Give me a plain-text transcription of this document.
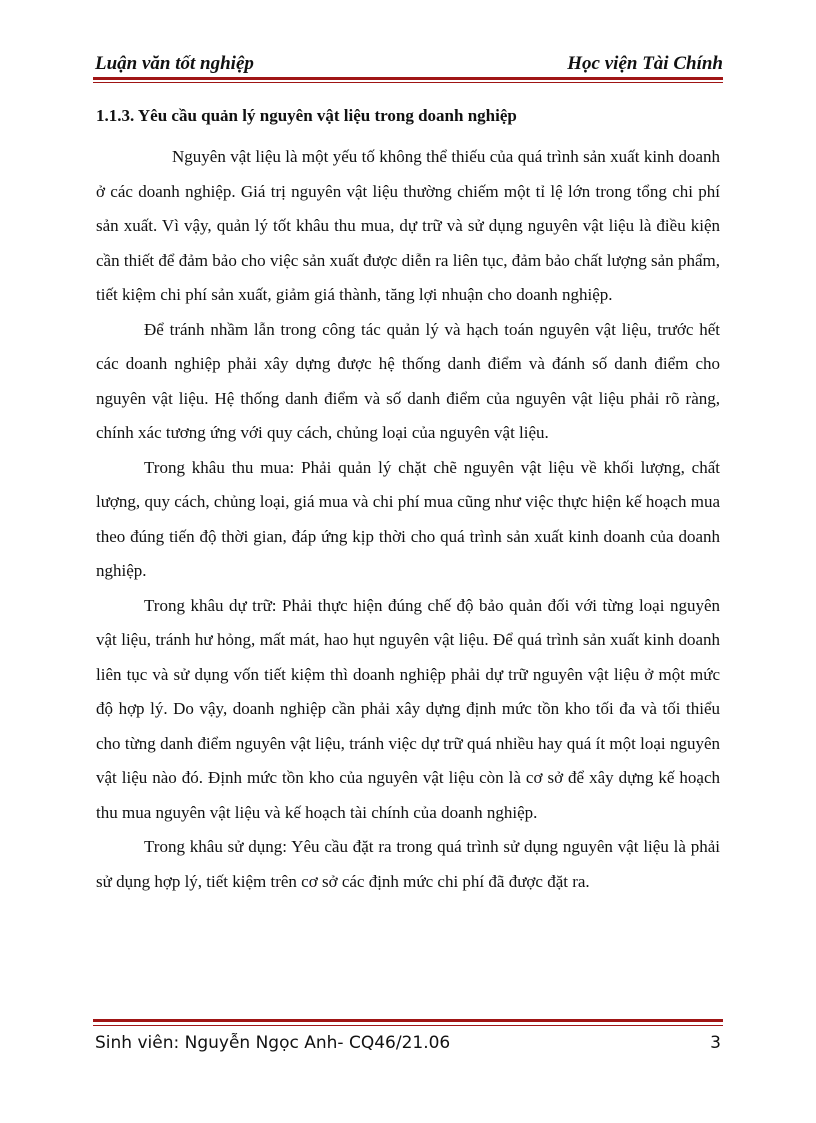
Luận văn tốt nghiệp	Học viện Tài Chính
1.1.3. Yêu cầu quản lý nguyên vật liệu trong doanh nghiệp

Nguyên vật liệu là một yếu tố không thể thiếu của quá trình sản xuất kinh doanh ở các doanh nghiệp. Giá trị nguyên vật liệu thường chiếm một tỉ lệ lớn trong tổng chi phí sản xuất. Vì vậy, quản lý tốt khâu thu mua, dự trữ và sử dụng nguyên vật liệu là điều kiện cần thiết để đảm bảo cho việc sản xuất được diễn ra liên tục, đảm bảo chất lượng sản phẩm, tiết kiệm chi phí sản xuất, giảm giá thành, tăng lợi nhuận cho doanh nghiệp.

Để tránh nhầm lẫn trong công tác quản lý và hạch toán nguyên vật liệu, trước hết các doanh nghiệp phải xây dựng được hệ thống danh điểm và đánh số danh điểm cho nguyên vật liệu. Hệ thống danh điểm và số danh điểm của nguyên vật liệu phải rõ ràng, chính xác tương ứng với quy cách, chủng loại của nguyên vật liệu.

Trong khâu thu mua: Phải quản lý chặt chẽ nguyên vật liệu về khối lượng, chất lượng, quy cách, chủng loại, giá mua và chi phí mua cũng như việc thực hiện kế hoạch mua theo đúng tiến độ thời gian, đáp ứng kịp thời cho quá trình sản xuất kinh doanh của doanh nghiệp.

Trong khâu dự trữ: Phải thực hiện đúng chế độ bảo quản đối với từng loại nguyên vật liệu, tránh hư hỏng, mất mát, hao hụt nguyên vật liệu. Để quá trình sản xuất kinh doanh liên tục và sử dụng vốn tiết kiệm thì doanh nghiệp phải dự trữ nguyên vật liệu ở một mức độ hợp lý. Do vậy, doanh nghiệp cần phải xây dựng định mức tồn kho tối đa và tối thiểu cho từng danh điểm nguyên vật liệu, tránh việc dự trữ quá nhiều hay quá ít một loại nguyên vật liệu nào đó. Định mức tồn kho của nguyên vật liệu còn là cơ sở để xây dựng kế hoạch thu mua nguyên vật liệu và kế hoạch tài chính của doanh nghiệp.

Trong khâu sử dụng: Yêu cầu đặt ra trong quá trình sử dụng nguyên vật liệu là phải sử dụng hợp lý, tiết kiệm trên cơ sở các định mức chi phí đã được đặt ra.

Sinh viên: Nguyễn Ngọc Anh- CQ46/21.06	3
